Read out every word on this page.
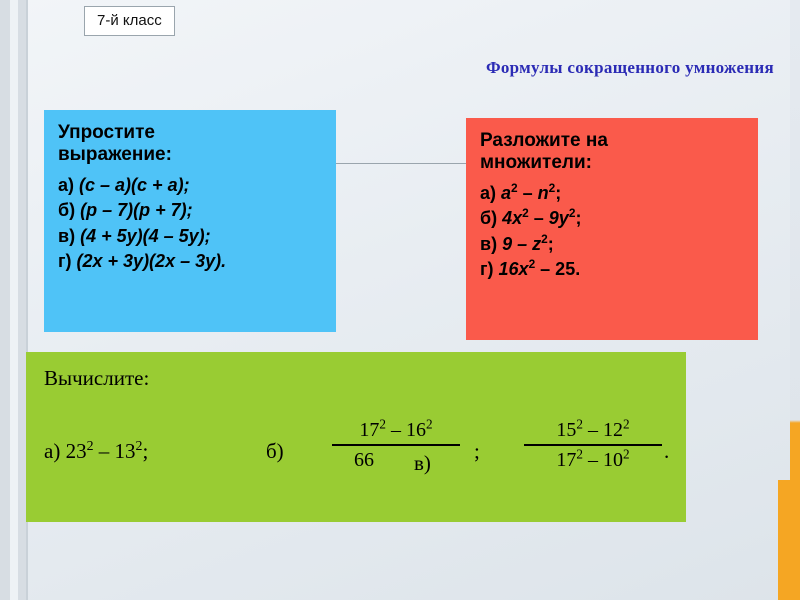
7-й класс
Формулы сокращенного умножения
Упростите
выражение:
а) (c – a)(c + a);
б) (p – 7)(p + 7);
в) (4 + 5y)(4 – 5y);
г) (2x + 3y)(2x – 3y).
Разложите на
множители:
а) $a^2 - n^2$;
б) $4x^2 - 9y^2$;
в) $9 - z^2$;
г) $16x^2 - 25$.
Вычислите:
а) $23^2 - 13^2$;	б)
$17^2 - 16^2$
66	в) ;
$15^2 - 12^2$
$17^2 - 10^2$	.
